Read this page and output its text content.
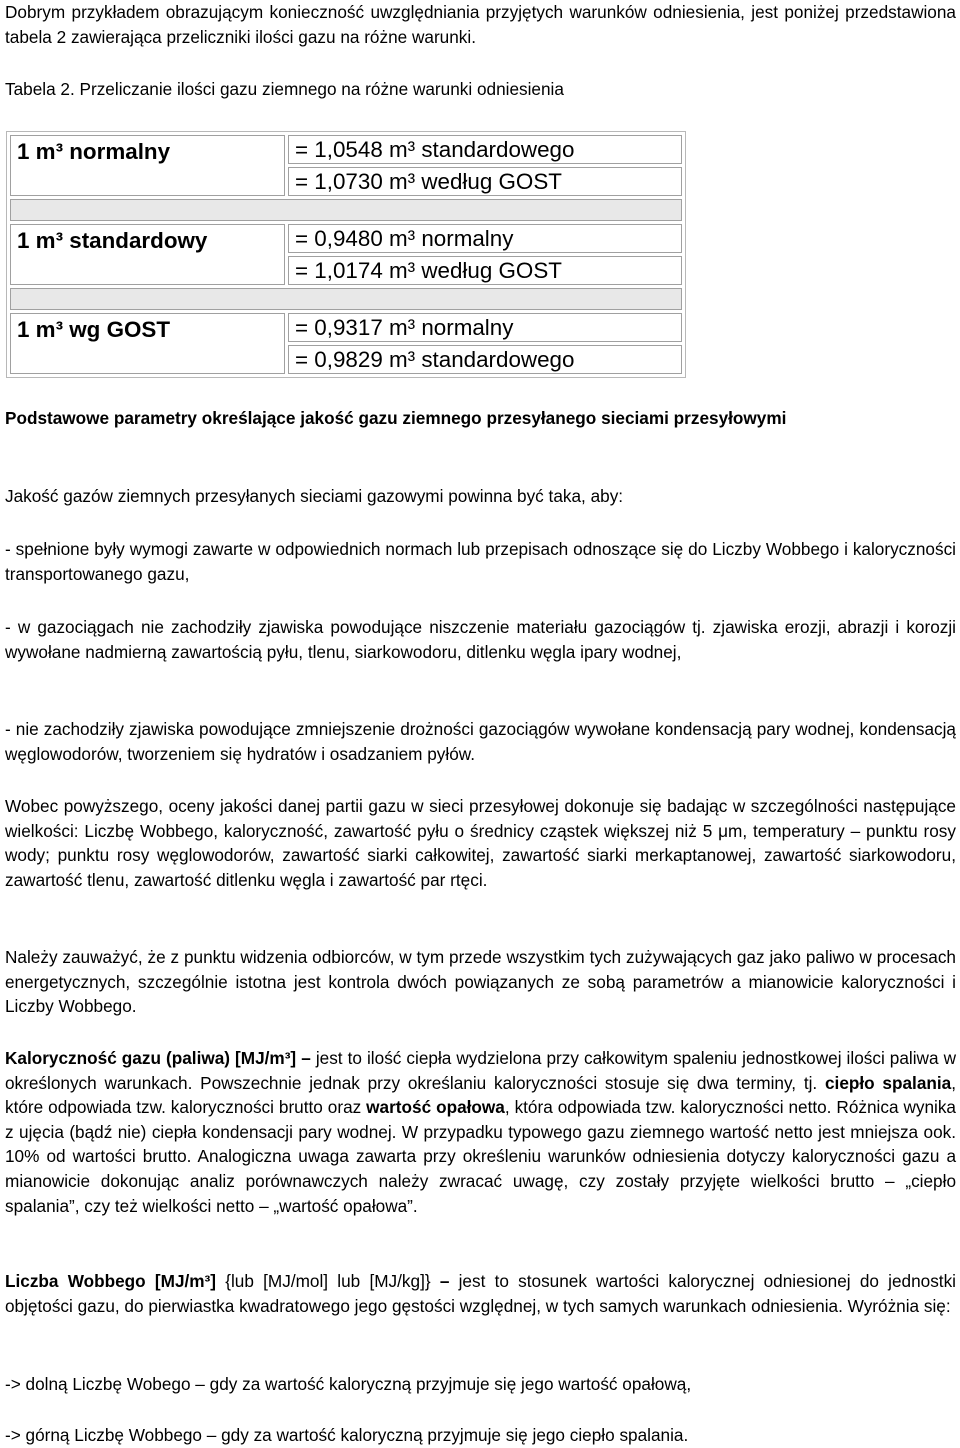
Dobrym przykładem obrazującym konieczność uwzględniania przyjętych warunków odniesienia, jest poniżej przedstawiona tabela 2 zawierająca przeliczniki ilości gazu na różne warunki.

Tabela 2. Przeliczanie ilości gazu ziemnego na różne warunki odniesienia

1 m³ normalny	= 1,0548 m³ standardowego
	= 1,0730 m³ według GOST

1 m³ standardowy	= 0,9480 m³ normalny
	= 1,0174 m³ według GOST

1 m³ wg GOST	= 0,9317 m³ normalny
	= 0,9829 m³ standardowego

Podstawowe parametry określające jakość gazu ziemnego przesyłanego sieciami przesyłowymi

Jakość gazów ziemnych przesyłanych sieciami gazowymi powinna być taka, aby:

- spełnione były wymogi zawarte w odpowiednich normach lub przepisach odnoszące się do Liczby Wobbego i kaloryczności transportowanego gazu,

- w gazociągach nie zachodziły zjawiska powodujące niszczenie materiału gazociągów tj. zjawiska erozji, abrazji i korozji wywołane nadmierną zawartością pyłu, tlenu, siarkowodoru, ditlenku węgla ipary wodnej,

- nie zachodziły zjawiska powodujące zmniejszenie drożności gazociągów wywołane kondensacją pary wodnej, kondensacją węglowodorów, tworzeniem się hydratów i osadzaniem pyłów.

Wobec powyższego, oceny jakości danej partii gazu w sieci przesyłowej dokonuje się badając w szczególności następujące wielkości: Liczbę Wobbego, kaloryczność, zawartość pyłu o średnicy cząstek większej niż 5 μm, temperatury – punktu rosy wody; punktu rosy węglowodorów, zawartość siarki całkowitej, zawartość siarki merkaptanowej, zawartość siarkowodoru, zawartość tlenu, zawartość ditlenku węgla i zawartość par rtęci.

Należy zauważyć, że z punktu widzenia odbiorców, w tym przede wszystkim tych zużywających gaz jako paliwo w procesach energetycznych, szczególnie istotna jest kontrola dwóch powiązanych ze sobą parametrów a mianowicie kaloryczności i Liczby Wobbego.

Kaloryczność gazu (paliwa) [MJ/m³] – jest to ilość ciepła wydzielona przy całkowitym spaleniu jednostkowej ilości paliwa w określonych warunkach. Powszechnie jednak przy określaniu kaloryczności stosuje się dwa terminy, tj. ciepło spalania, które odpowiada tzw. kaloryczności brutto oraz wartość opałowa, która odpowiada tzw. kaloryczności netto. Różnica wynika z ujęcia (bądź nie) ciepła kondensacji pary wodnej. W przypadku typowego gazu ziemnego wartość netto jest mniejsza ook. 10% od wartości brutto. Analogiczna uwaga zawarta przy określeniu warunków odniesienia dotyczy kaloryczności gazu a mianowicie dokonując analiz porównawczych należy zwracać uwagę, czy zostały przyjęte wielkości brutto – „ciepło spalania”, czy też wielkości netto – „wartość opałowa”.

Liczba Wobbego [MJ/m³] {lub [MJ/mol] lub [MJ/kg]} – jest to stosunek wartości kalorycznej odniesionej do jednostki objętości gazu, do pierwiastka kwadratowego jego gęstości względnej, w tych samych warunkach odniesienia. Wyróżnia się:

-> dolną Liczbę Wobego – gdy za wartość kaloryczną przyjmuje się jego wartość opałową,

-> górną Liczbę Wobbego – gdy za wartość kaloryczną przyjmuje się jego ciepło spalania.
